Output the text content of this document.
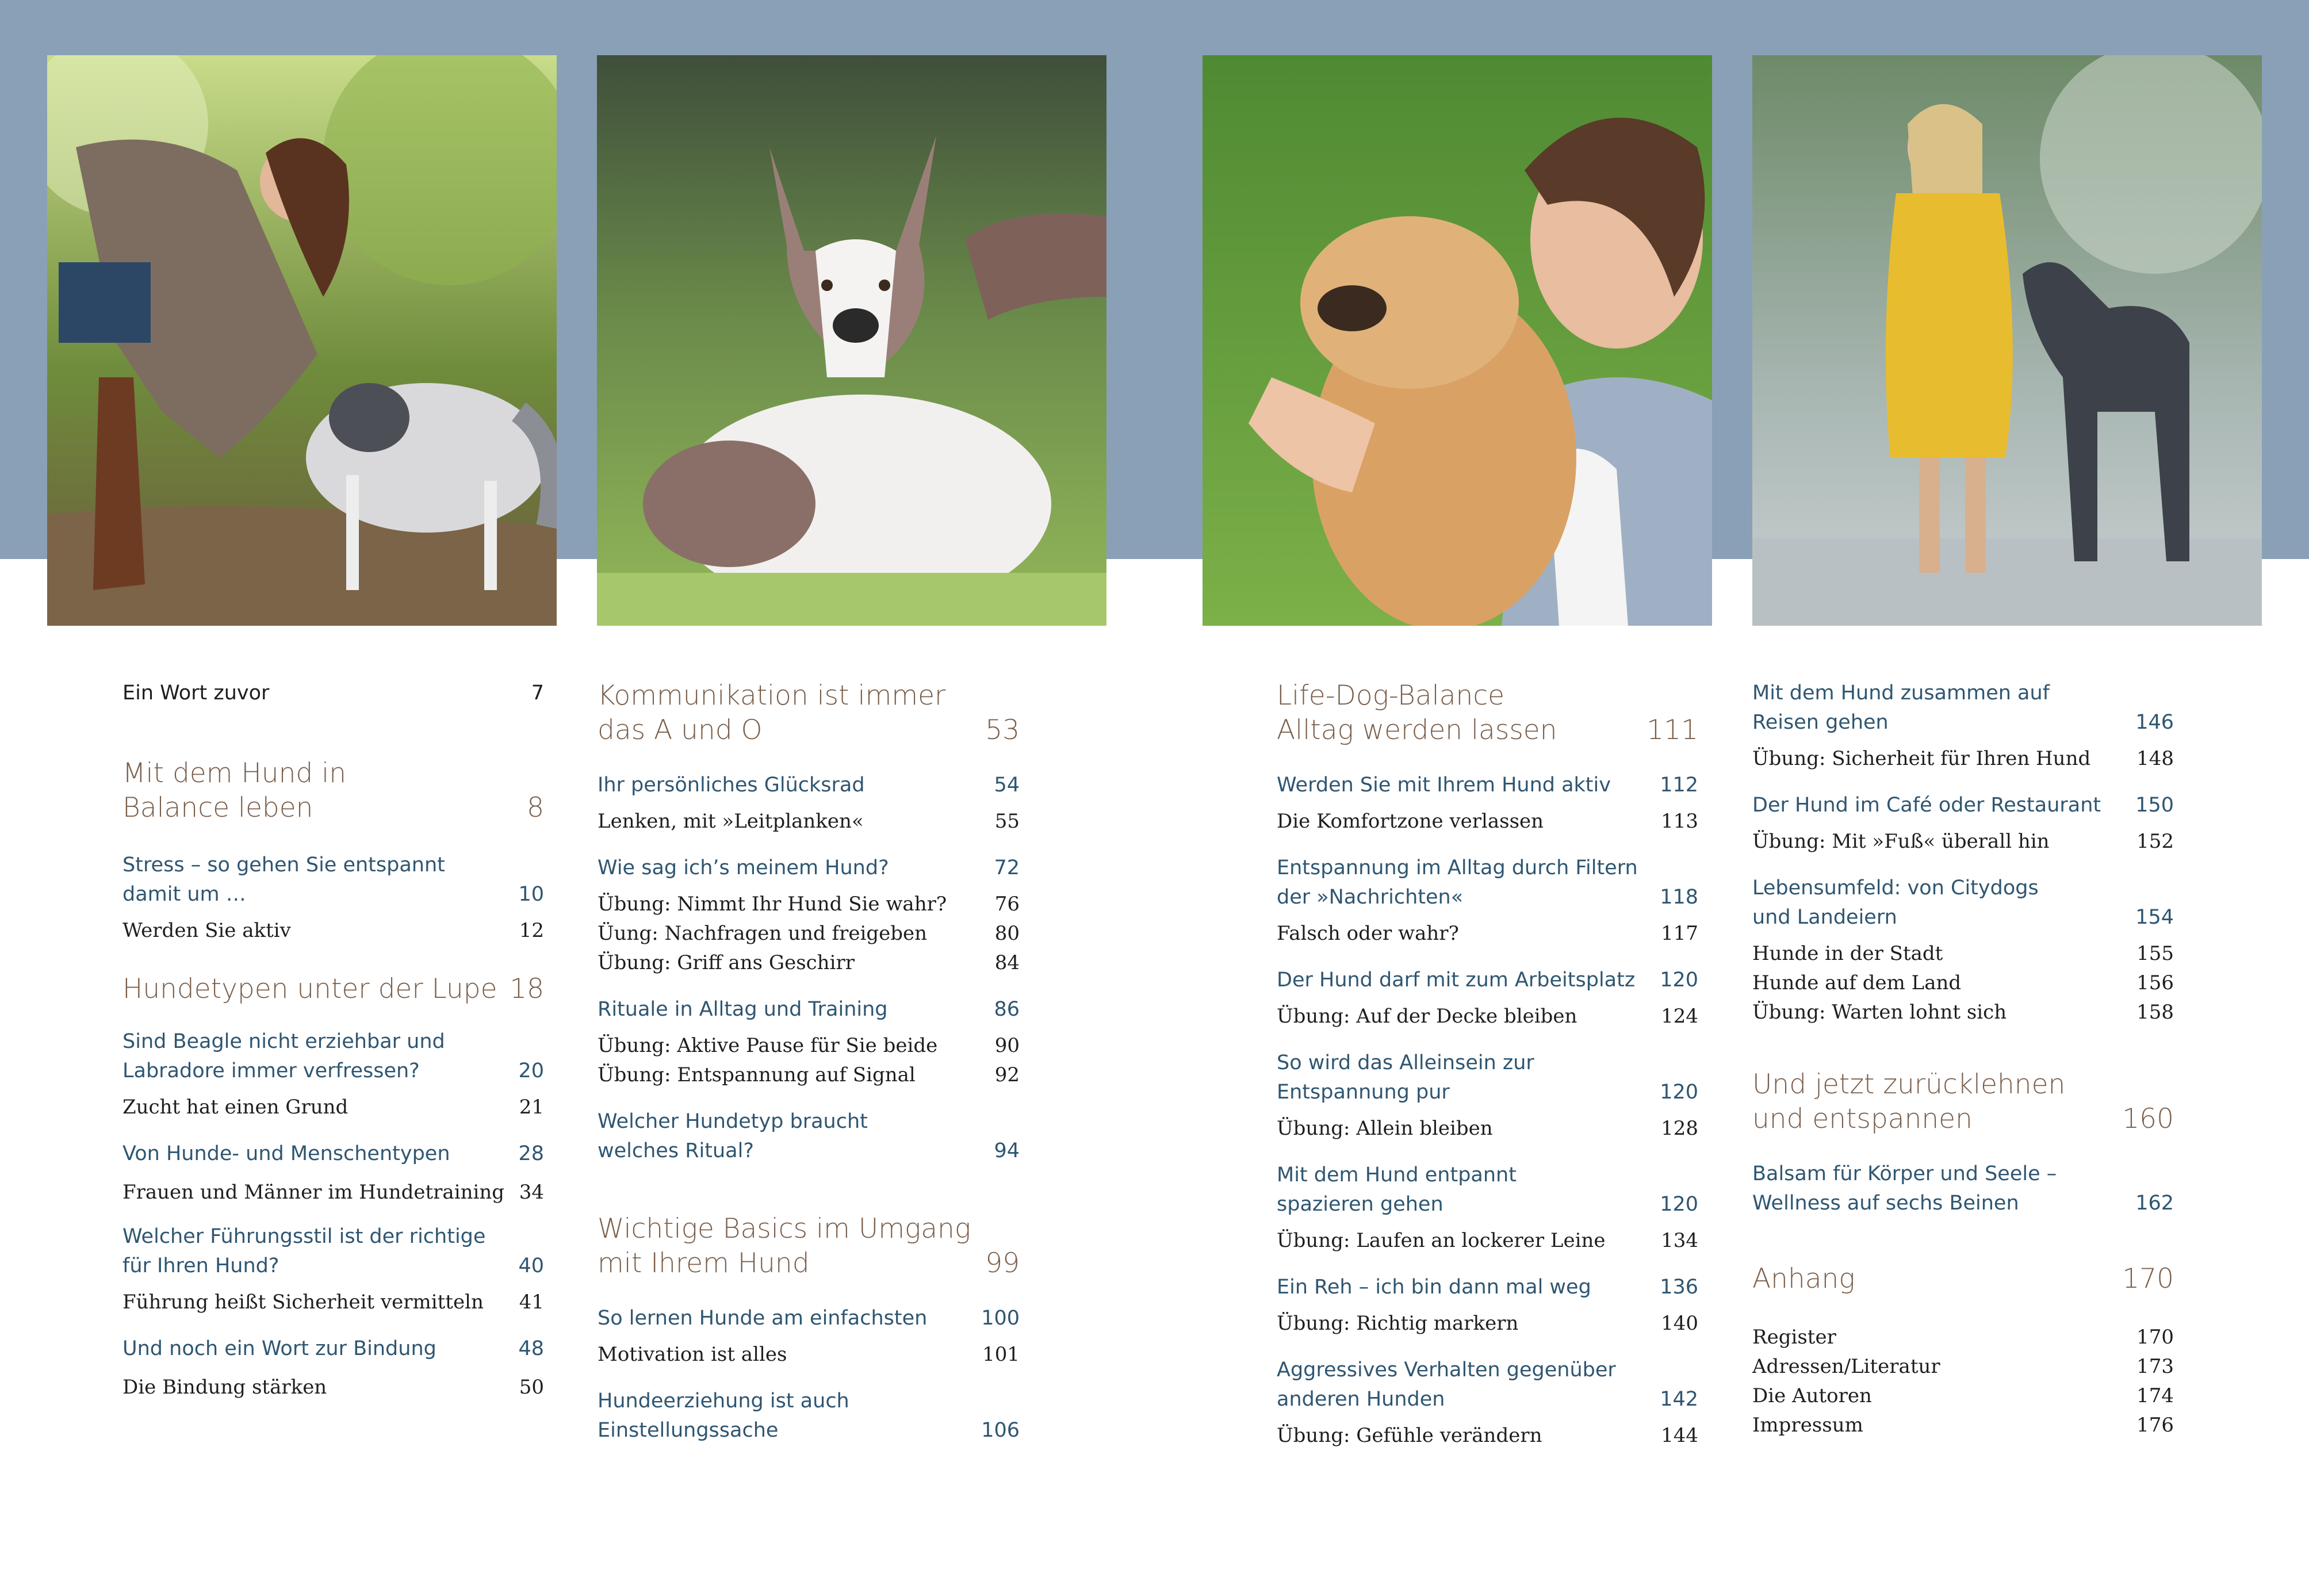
Ein Wort zuvor	7
Mit dem Hund in
Balance leben	8
Stress – so gehen Sie entspannt
damit um …	10
Werden Sie aktiv	12
Hundetypen unter der Lupe 18
Sind Beagle nicht erziehbar und
Labradore immer verfressen?	20
Zucht hat einen Grund	21
Von Hunde- und Menschentypen	28
Frauen und Männer im Hundetraining 34
Welcher Führungsstil ist der richtige
für Ihren Hund?	40
Führung heißt Sicherheit vermitteln 41
Und noch ein Wort zur Bindung	48
Die Bindung stärken	50
Kommunikation ist immer
das A und O	53
Ihr persönliches Glücksrad	54
Lenken, mit »Leitplanken«	55
Wie sag ich’s meinem Hund?	72
Übung: Nimmt Ihr Hund Sie wahr? 76
Üung: Nachfragen und freigeben	80
Übung: Griff ans Geschirr	84
Rituale in Alltag und Training	86
Übung: Aktive Pause für Sie beide	90
Übung: Entspannung auf Signal	92
Welcher Hundetyp braucht
welches Ritual?	94
Wichtige Basics im Umgang
mit Ihrem Hund	99
So lernen Hunde am einfachsten	100
Motivation ist alles	101
Hundeerziehung ist auch
Einstellungssache	106
Life-Dog-Balance
Alltag werden lassen	111
Werden Sie mit Ihrem Hund aktiv 112
Die Komfortzone verlassen	113
Entspannung im Alltag durch Filtern
der »Nachrichten«	118
Falsch oder wahr?	117
Der Hund darf mit zum Arbeitsplatz 120
Übung: Auf der Decke bleiben	124
So wird das Alleinsein zur
Entspannung pur	120
Übung: Allein bleiben	128
Mit dem Hund entpannt
spazieren gehen	120
Übung: Laufen an lockerer Leine	134
Ein Reh – ich bin dann mal weg	136
Übung: Richtig markern	140
Aggressives Verhalten gegenüber
anderen Hunden	142
Übung: Gefühle verändern	144
Mit dem Hund zusammen auf
Reisen gehen	146
Übung: Sicherheit für Ihren Hund 148
Der Hund im Café oder Restaurant 150
Übung: Mit »Fuß« überall hin	152
Lebensumfeld: von Citydogs
und Landeiern	154
Hunde in der Stadt	155
Hunde auf dem Land	156
Übung: Warten lohnt sich	158
Und jetzt zurücklehnen
und entspannen	160
Balsam für Körper und Seele –
Wellness auf sechs Beinen	162
Anhang	170
Register	170
Adressen/Literatur	173
Die Autoren	174
Impressum	176
